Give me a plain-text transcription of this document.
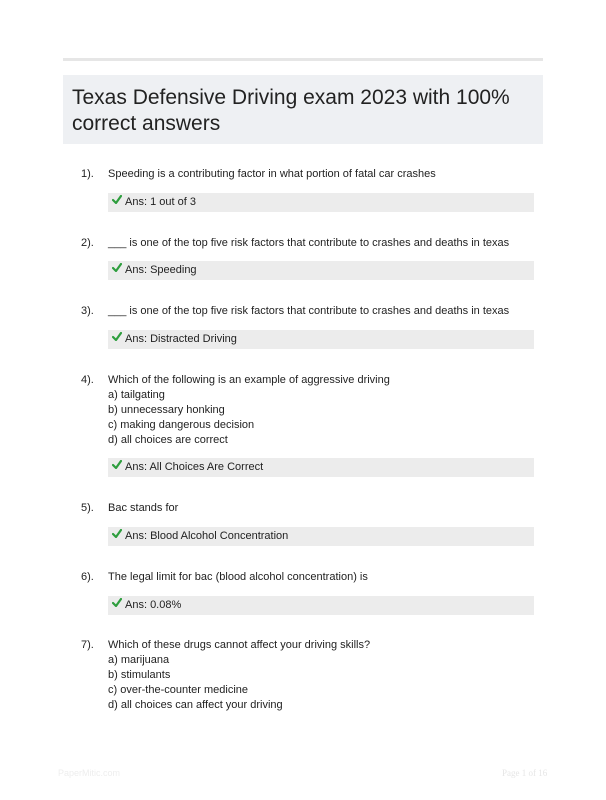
Texas Defensive Driving exam 2023 with 100% correct answers
1). Speeding is a contributing factor in what portion of fatal car crashes
Ans: 1 out of 3
2). ___ is one of the top five risk factors that contribute to crashes and deaths in texas
Ans: Speeding
3). ___ is one of the top five risk factors that contribute to crashes and deaths in texas
Ans: Distracted Driving
4). Which of the following is an example of aggressive driving
a) tailgating
b) unnecessary honking
c) making dangerous decision
d) all choices are correct
Ans: All Choices Are Correct
5). Bac stands for
Ans: Blood Alcohol Concentration
6). The legal limit for bac (blood alcohol concentration) is
Ans: 0.08%
7). Which of these drugs cannot affect your driving skills?
a) marijuana
b) stimulants
c) over-the-counter medicine
d) all choices can affect your driving
PaperMitic.com	Page 1 of 16
